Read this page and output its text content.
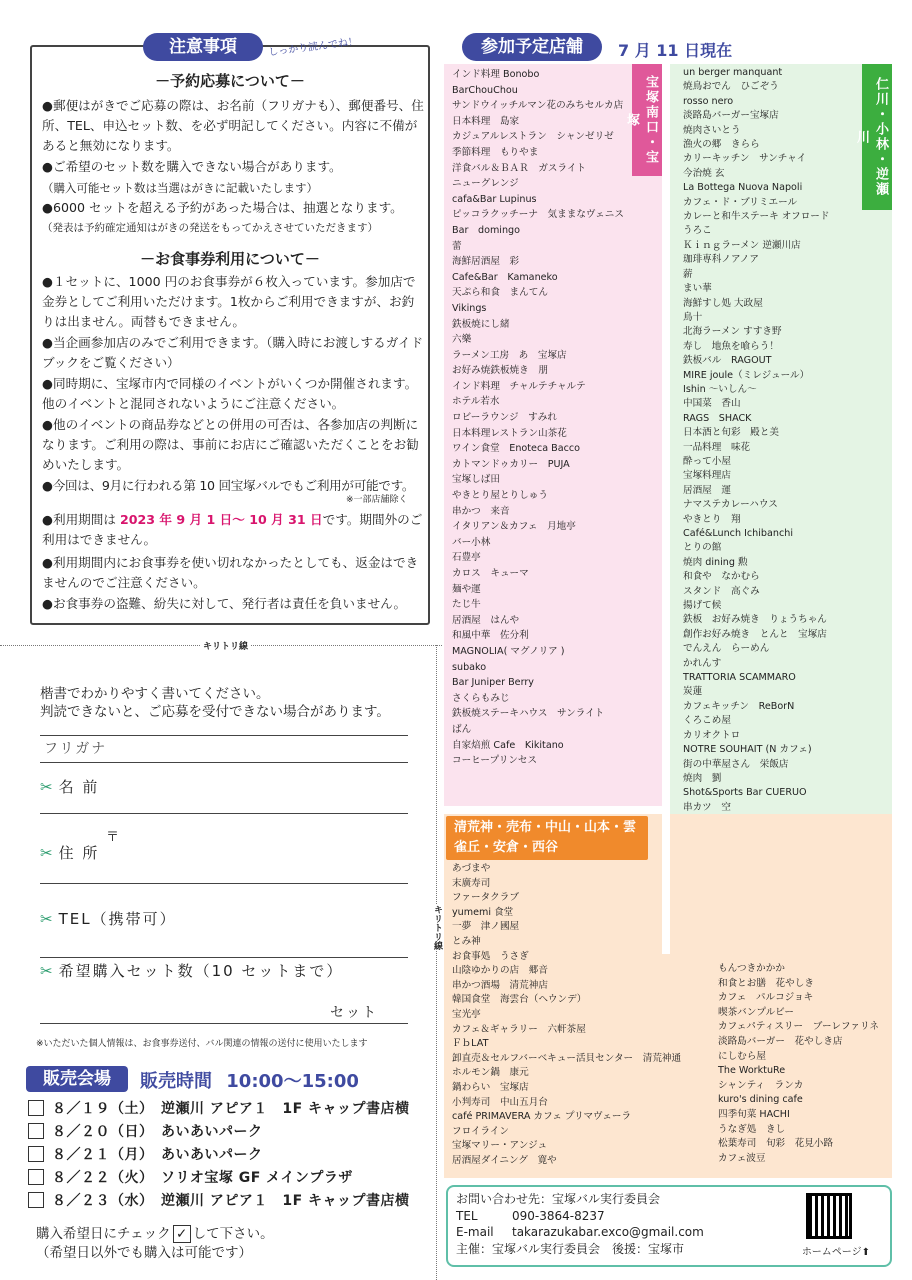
注意事項	しっかり読んでね！
－予約応募について－
●郵便はがきでご応募の際は、お名前（フリガナも）、郵便番号、住所、TEL、申込セット数、を必ず明記してください。内容に不備があると無効になります。
●ご希望のセット数を購入できない場合があります。
（購入可能セット数は当選はがきに記載いたします）
●6000 セットを超える予約があった場合は、抽選となります。
（発表は予約確定通知はがきの発送をもってかえさせていただきます）
－お食事券利用について－
●１セットに、1000 円のお食事券が６枚入っています。参加店で金券としてご利用いただけます。1枚からご利用できますが、お釣りは出ません。両替もできません。
●当企画参加店のみでご利用できます。（購入時にお渡しするガイドブックをご覧ください）
●同時期に、宝塚市内で同様のイベントがいくつか開催されます。他のイベントと混同されないようにご注意ください。
●他のイベントの商品券などとの併用の可否は、各参加店の判断になります。ご利用の際は、事前にお店にご確認いただくことをお勧めいたします。
●今回は、9月に行われる第 10 回宝塚バルでもご利用が可能です。
※一部店舗除く
●利用期間は 2023 年 9 月 1 日～ 10 月 31 日です。期間外のご利用はできません。
●利用期間内にお食事券を使い切れなかったとしても、返金はできませんのでご注意ください。
●お食事券の盗難、紛失に対して、発行者は責任を負いません。
キリトリ線
キリトリ線
楷書でわかりやすく書いてください。
判読できないと、ご応募を受付できない場合があります。
フリガナ
✂ 名 前
〒
✂ 住 所
✂ TEL（携帯可）
✂ 希望購入セット数（10 セットまで）
セット
※いただいた個人情報は、お食事券送付、バル関連の情報の送付に使用いたします
販売会場	販売時間 10:00～15:00
８／１９（土）　逆瀬川 アピア１　1F キャップ書店横
８／２０（日）　あいあいパーク
８／２１（月）　あいあいパーク
８／２２（火）　ソリオ宝塚 GF メインプラザ
８／２３（水）　逆瀬川 アピア１　1F キャップ書店横
購入希望日にチェック ✓ して下さい。
（希望日以外でも購入は可能です）
参加予定店舗	7 月 11 日現在
宝塚南口・宝塚
インド料理 Bonobo
BarChouChou
サンドウイッチルマン花のみちセルカ店
日本料理　島家
カジュアルレストラン　シャンゼリゼ
季節料理　もりやま
洋食バル＆ＢＡＲ　ガスライト
ニューグレンジ
cafa&Bar Lupinus
ピッコラクッチーナ　気ままなヴェニス
Bar　domingo
蕾
海鮮居酒屋　彩
Cafe&Bar　Kamaneko
天ぷら和食　まんてん
Vikings
鉄板焼にし緒
六樂
ラーメン工房　あ　宝塚店
お好み焼鉄板焼き　朋
インド料理　チャルテチャルテ
ホテル若水
ロビーラウンジ　すみれ
日本料理レストラン山茶花
ワイン食堂　Enoteca Bacco
カトマンドゥカリー　PUJA
宝塚しば田
やきとり屋とりしゅう
串かつ　来音
イタリアン＆カフェ　月地亭
バー小林
石豊亭
カロス　キューマ
麺や運
たじ牛
居酒屋　はんや
和風中華　佐分利
MAGNOLIA( マグノリア )
subako
Bar Juniper Berry
さくらもみじ
鉄板焼ステーキハウス　サンライト
ばん
自家焙煎 Cafe　Kikitano
コーヒープリンセス
仁川・小林・逆瀬川
un berger manquant
焼鳥おでん　ひごぞう
rosso nero
淡路島バーガー宝塚店
焼肉さいとう
漁火の郷　きらら
カリーキッチン　サンチャイ
今治焼 玄
La Bottega Nuova Napoli
カフェ・ド・ブリミエール
カレーと和牛ステーキ オフロード
うろこ
Ｋｉｎｇラーメン 逆瀬川店
珈琲専科ノアノア
薪
まい華
海鮮すし処 大政屋
鳥十
北海ラーメン すすき野
寿し　地魚を喰らう！
鉄板バル　RAGOUT
MIRE joule（ミレジュール）
Ishin ～いしん～
中国菜　香山
RAGS　SHACK
日本酒と旬彩　殿と美
一品料理　味花
酔って小屋
宝塚料理店
居酒屋　運
ナマステカレーハウス
やきとり　翔
Café&Lunch Ichibanchi
とりの館
焼肉 dining 勲
和食や　なかむら
スタンド　高ぐみ
揚げて候
鉄板　お好み焼き　りょうちゃん
創作お好み焼き　とんと　宝塚店
でんえん　らーめん
かれんす
TRATTORIA SCAMMARO
炭蓮
カフェキッチン　ReBorN
くろこめ屋
カリオクトロ
NOTRE SOUHAIT (N カフェ)
街の中華屋さん　栄飯店
焼肉　劉
Shot&Sports Bar CUERUO
串カツ　空
清荒神・売布・中山・山本・雲雀丘・安倉・西谷
あづまや
末廣寿司
ファータクラブ
yumemi 食堂
一夢　津ノ國屋
とみ神
お食事処　うさぎ
山陰ゆかりの店　郷音
串かつ酒場　清荒神店
韓国食堂　海雲台（ヘウンデ）
宝光亭
カフェ＆ギャラリー　六軒茶屋
ＦｂLAT
卸直売＆セルフバーベキュー活貝センター　清荒神通
ホルモン鍋　康元
鍋わらい　宝塚店
小判寿司　中山五月台
café PRIMAVERA カフェ プリマヴェーラ
フロイライン
宝塚マリー・アンジュ
居酒屋ダイニング　寛や
もんつきかかか
和食とお膳　花やしき
カフェ　パルコジョキ
喫茶バンプルビー
カフェパティスリー　ブーレファリネ
淡路島バーガー　花やしき店
にしむら屋
The WorktuRe
シャンティ　ランカ
kuro's dining cafe
四季旬菜 HACHI
うなぎ処　きし
松葉寿司　旬彩　花見小路
カフェ波豆
お問い合わせ先：宝塚バル実行委員会
TEL	090-3864-8237
E-mail takarazukabar.exco@gmail.com
主催：宝塚バル実行委員会　後援：宝塚市	ホームページ⬆
